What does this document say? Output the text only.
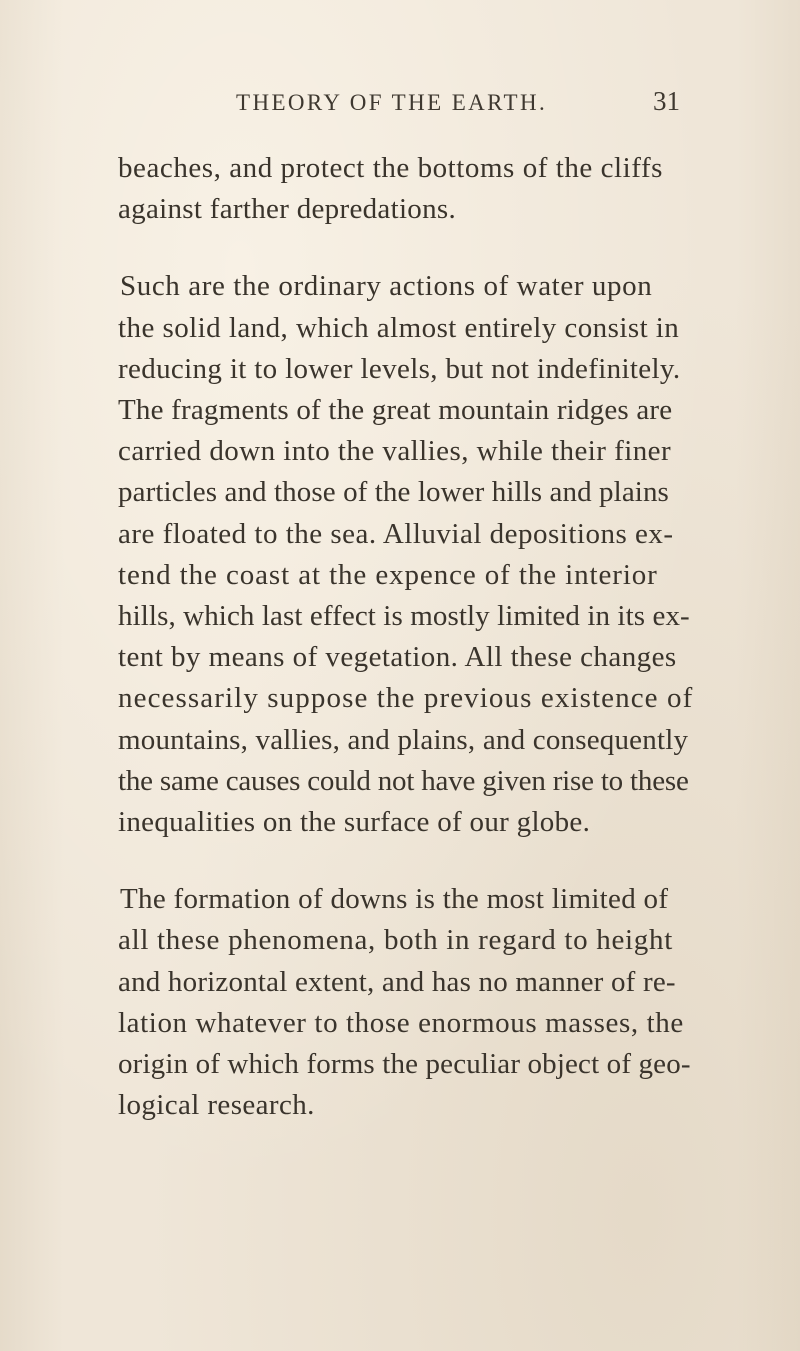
THEORY OF THE EARTH.	31

beaches, and protect the bottoms of the cliffs
against farther depredations.

Such are the ordinary actions of water upon
the solid land, which almost entirely consist in
reducing it to lower levels, but not indefinitely.
The fragments of the great mountain ridges are
carried down into the vallies, while their finer
particles and those of the lower hills and plains
are floated to the sea. Alluvial depositions ex-
tend the coast at the expence of the interior
hills, which last effect is mostly limited in its ex-
tent by means of vegetation. All these changes
necessarily suppose the previous existence of
mountains, vallies, and plains, and consequently
the same causes could not have given rise to these
inequalities on the surface of our globe.

The formation of downs is the most limited of
all these phenomena, both in regard to height
and horizontal extent, and has no manner of re-
lation whatever to those enormous masses, the
origin of which forms the peculiar object of geo-
logical research.
